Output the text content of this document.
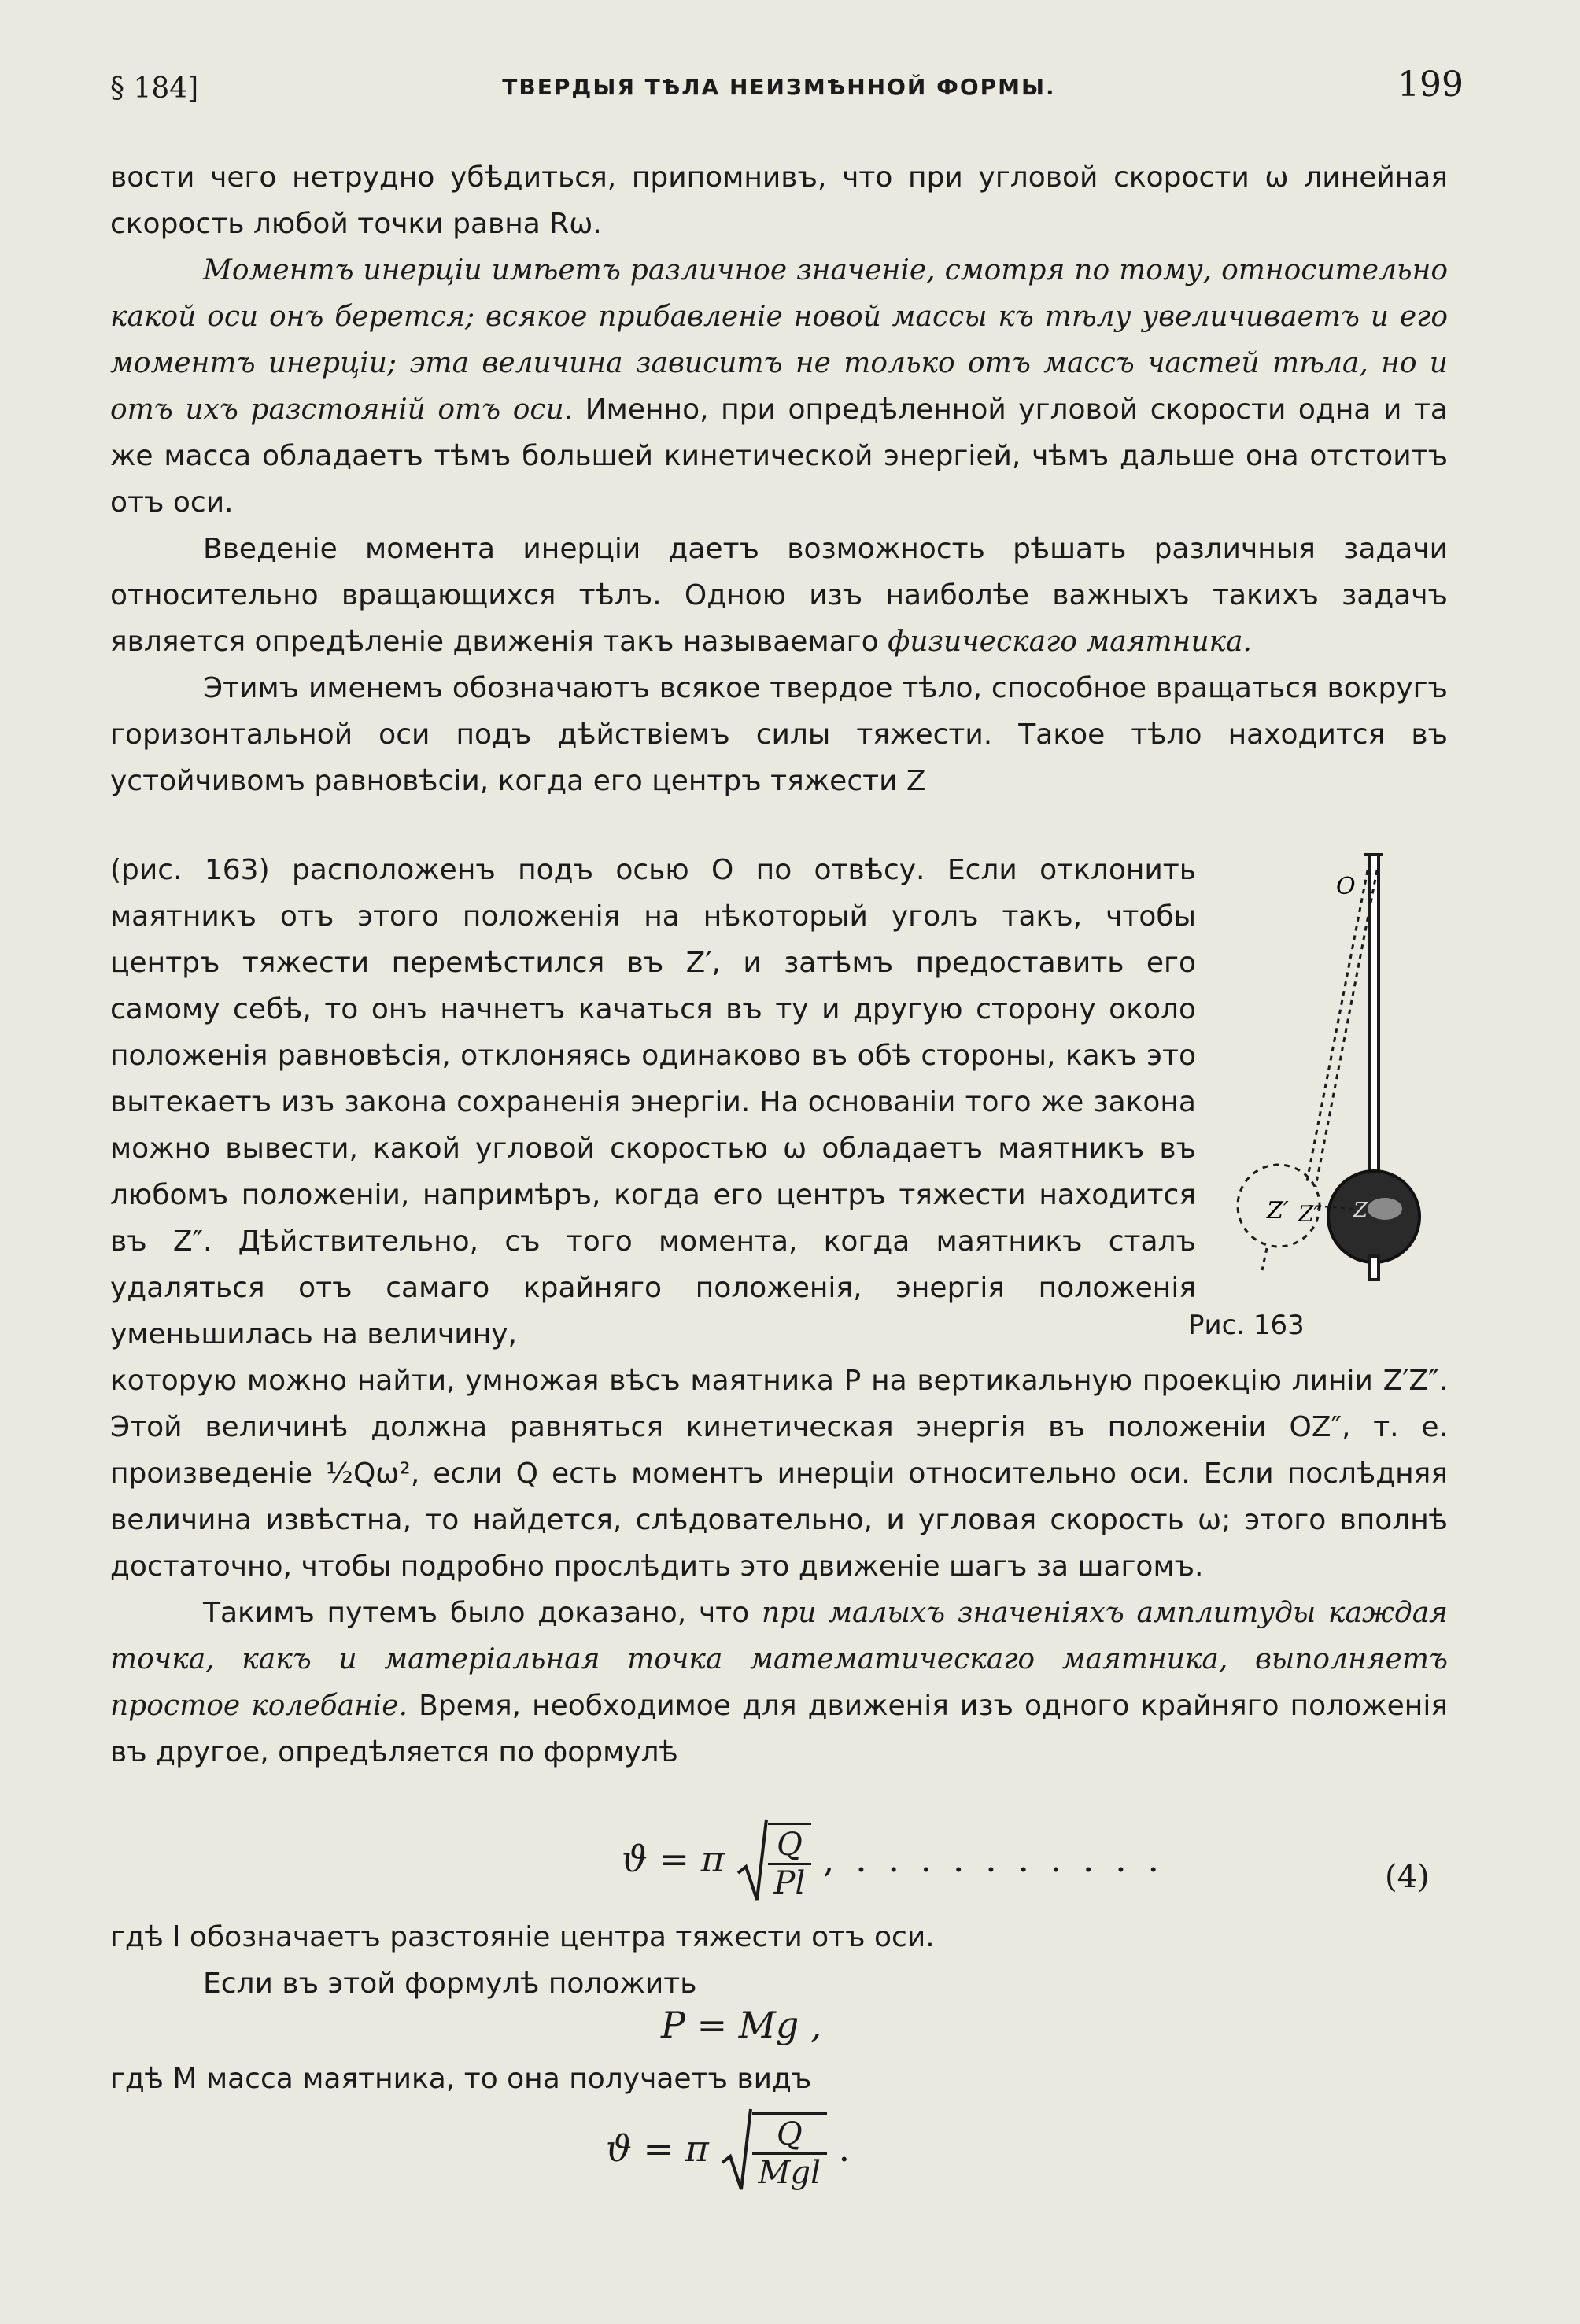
§ 184]	ТВЕРДЫЯ ТѢЛА НЕИЗМѢННОЙ ФОРМЫ.	199

вости чего нетрудно убѣдиться, припомнивъ, что при угловой скорости ω линейная скорость любой точки равна Rω.

Моментъ инерціи имѣетъ различное значеніе, смотря по тому, относительно какой оси онъ берется; всякое прибавленіе новой массы къ тѣлу увеличиваетъ и его моментъ инерціи; эта величина зависитъ не только отъ массъ частей тѣла, но и отъ ихъ разстояній отъ оси. Именно, при опредѣленной угловой скорости одна и та же масса обладаетъ тѣмъ большей кинетической энергіей, чѣмъ дальше она отстоитъ отъ оси.

Введеніе момента инерціи даетъ возможность рѣшать различныя задачи относительно вращающихся тѣлъ. Одною изъ наиболѣе важныхъ такихъ задачъ является опредѣленіе движенія такъ называемаго физическаго маятника.

Этимъ именемъ обозначаютъ всякое твердое тѣло, способное вращаться вокругъ горизонтальной оси подъ дѣйствіемъ силы тяжести. Такое тѣло находится въ устойчивомъ равновѣсіи, когда его центръ тяжести Z

(рис. 163) расположенъ подъ осью O по отвѣсу. Если отклонить маятникъ отъ этого положенія на нѣкоторый уголъ такъ, чтобы центръ тяжести перемѣстился въ Z′, и затѣмъ предоставить его самому себѣ, то онъ начнетъ качаться въ ту и другую сторону около положенія равновѣсія, отклоняясь одинаково въ обѣ стороны, какъ это вытекаетъ изъ закона сохраненія энергіи. На основаніи того же закона можно вывести, какой угловой скоростью ω обладаетъ маятникъ въ любомъ положеніи, напримѣръ, когда его центръ тяжести находится въ Z″. Дѣйствительно, съ того момента, когда маятникъ сталъ удаляться отъ самаго крайняго положенія, энергія положенія уменьшилась на величину,

O
Z′ Z″ Z
Рис. 163

которую можно найти, умножая вѣсъ маятника P на вертикальную проекцію линіи Z′Z″. Этой величинѣ должна равняться кинетическая энергія въ положеніи OZ″, т. е. произведеніе ½Qω², если Q есть моментъ инерціи относительно оси. Если послѣдняя величина извѣстна, то найдется, слѣдовательно, и угловая скорость ω; этого вполнѣ достаточно, чтобы подробно прослѣдить это движеніе шагъ за шагомъ.

Такимъ путемъ было доказано, что при малыхъ значеніяхъ амплитуды каждая точка, какъ и матеріальная точка математическаго маятника, выполняетъ простое колебаніе. Время, необходимое для движенія изъ одного крайняго положенія въ другое, опредѣляется по формулѣ

ϑ = π $\frac{Q}{Pl}$ , . . . . . . . . . .	(4)

гдѣ l обозначаетъ разстояніе центра тяжести отъ оси.

Если въ этой формулѣ положить

P = Mg ,

гдѣ M масса маятника, то она получаетъ видъ

ϑ = π $\frac{Q}{\text{Mgl}}$ .
